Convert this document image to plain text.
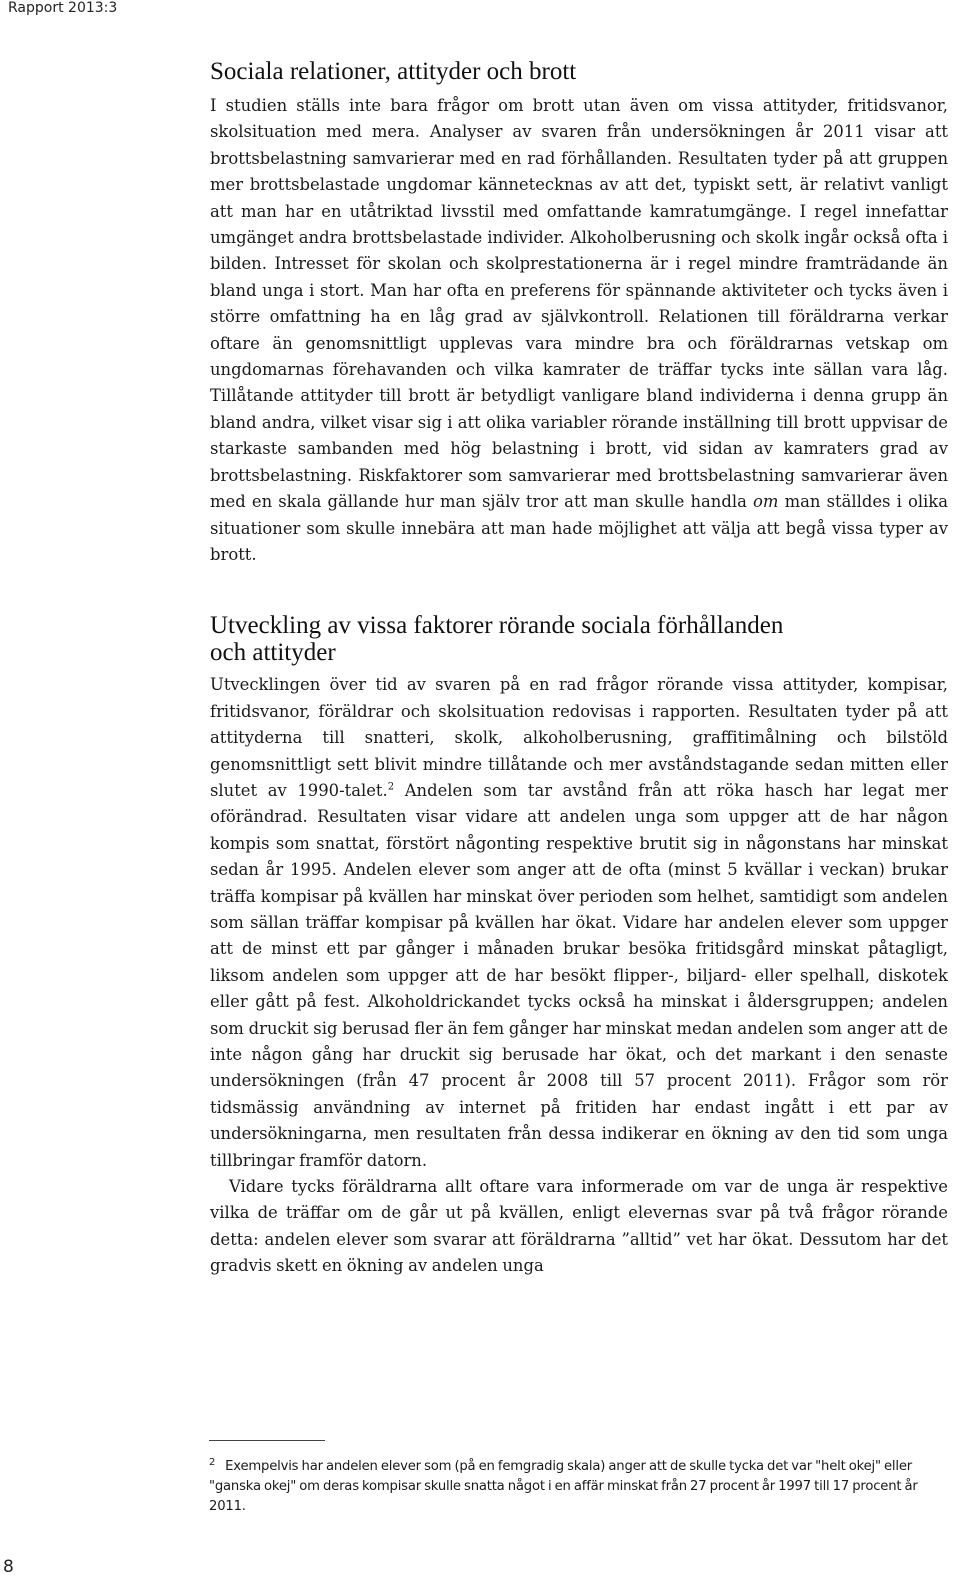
Rapport 2013:3
Sociala relationer, attityder och brott

I studien ställs inte bara frågor om brott utan även om vissa attityder, fritidsvanor, skolsituation med mera. Analyser av svaren från undersökningen år 2011 visar att brottsbelastning samvarierar med en rad förhållanden. Resultaten tyder på att gruppen mer brottsbelastade ungdomar kännetecknas av att det, typiskt sett, är relativt vanligt att man har en utåtriktad livsstil med omfattande kamratumgänge. I regel innefattar umgänget andra brottsbelastade individer. Alkoholberusning och skolk ingår också ofta i bilden. Intresset för skolan och skolprestationerna är i regel mindre framträdande än bland unga i stort. Man har ofta en preferens för spännande aktiviteter och tycks även i större omfattning ha en låg grad av självkontroll. Relationen till föräldrarna verkar oftare än genomsnittligt upplevas vara mindre bra och föräldrarnas vetskap om ungdomarnas förehavanden och vilka kamrater de träffar tycks inte sällan vara låg. Tillåtande attityder till brott är betydligt vanligare bland individerna i denna grupp än bland andra, vilket visar sig i att olika variabler rörande inställning till brott uppvisar de starkaste sambanden med hög belastning i brott, vid sidan av kamraters grad av brottsbelastning. Riskfaktorer som samvarierar med brottsbelastning samvarierar även med en skala gällande hur man själv tror att man skulle handla om man ställdes i olika situationer som skulle innebära att man hade möjlighet att välja att begå vissa typer av brott.

Utveckling av vissa faktorer rörande sociala förhållanden
och attityder

Utvecklingen över tid av svaren på en rad frågor rörande vissa attityder, kompisar, fritidsvanor, föräldrar och skolsituation redovisas i rapporten. Resultaten tyder på att attityderna till snatteri, skolk, alkoholberusning, graffitimålning och bilstöld genomsnittligt sett blivit mindre tillåtande och mer avståndstagande sedan mitten eller slutet av 1990-talet.$^2$ Andelen som tar avstånd från att röka hasch har legat mer oförändrad. Resultaten visar vidare att andelen unga som uppger att de har någon kompis som snattat, förstört någonting respektive brutit sig in någonstans har minskat sedan år 1995. Andelen elever som anger att de ofta (minst 5 kvällar i veckan) brukar träffa kompisar på kvällen har minskat över perioden som helhet, samtidigt som andelen som sällan träffar kompisar på kvällen har ökat. Vidare har andelen elever som uppger att de minst ett par gånger i månaden brukar besöka fritidsgård minskat påtagligt, liksom andelen som uppger att de har besökt flipper-, biljard- eller spelhall, diskotek eller gått på fest. Alkoholdrickandet tycks också ha minskat i åldersgruppen; andelen som druckit sig berusad fler än fem gånger har minskat medan andelen som anger att de inte någon gång har druckit sig berusade har ökat, och det markant i den senaste undersökningen (från 47 procent år 2008 till 57 procent 2011). Frågor som rör tidsmässig användning av internet på fritiden har endast ingått i ett par av undersökningarna, men resultaten från dessa indikerar en ökning av den tid som unga tillbringar framför datorn.

Vidare tycks föräldrarna allt oftare vara informerade om var de unga är respektive vilka de träffar om de går ut på kvällen, enligt elevernas svar på två frågor rörande detta: andelen elever som svarar att föräldrarna ”alltid” vet har ökat. Dessutom har det gradvis skett en ökning av andelen unga

$^2$ Exempelvis har andelen elever som (på en femgradig skala) anger att de skulle tycka det var "helt okej" eller "ganska okej" om deras kompisar skulle snatta något i en affär minskat från 27 procent år 1997 till 17 procent år 2011.
8
